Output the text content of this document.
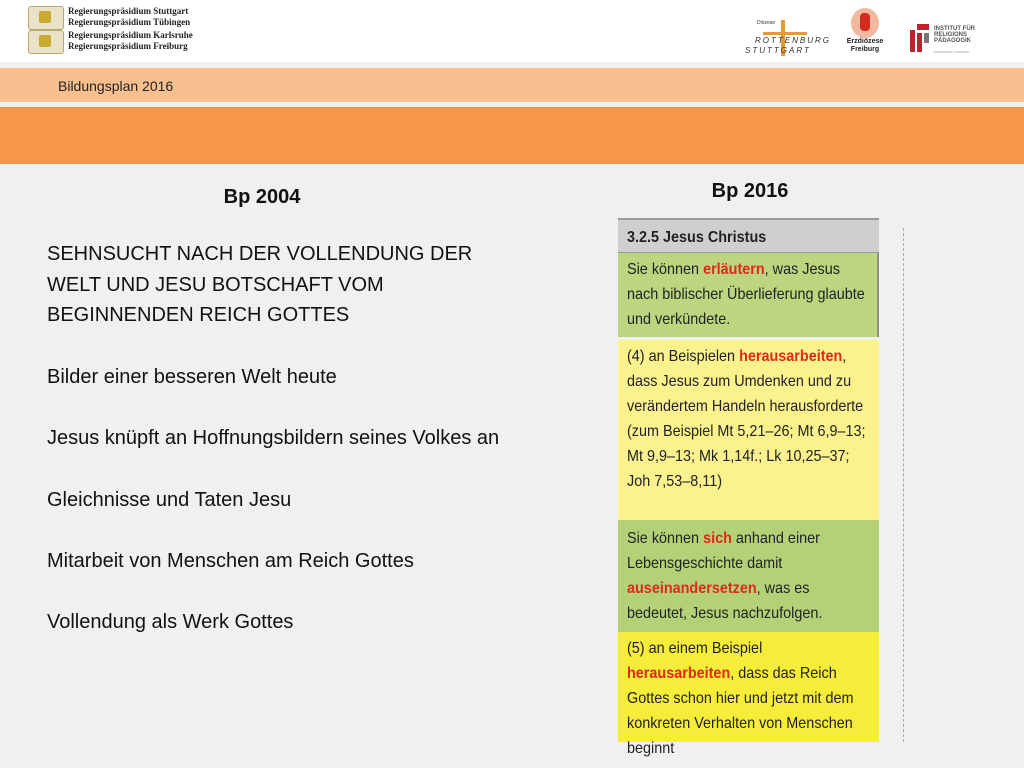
Regierungspräsidium Stuttgart
Regierungspräsidium Tübingen
Regierungspräsidium Karlsruhe
Regierungspräsidium Freiburg
Diözese
ROTTENBURG
STUTTGART
Erzdiözese
Freiburg
INSTITUT FÜR
RELIGIONS
PÄDAGOGIK
ERZDIÖZESE FREIBURG
Bildungsplan 2016
Bp 2004

SEHNSUCHT NACH DER VOLLENDUNG DER WELT UND JESU BOTSCHAFT VOM BEGINNENDEN REICH GOTTES

Bilder einer besseren Welt heute

Jesus knüpft an Hoffnungsbildern seines Volkes an

Gleichnisse und Taten Jesu

Mitarbeit von Menschen am Reich Gottes

Vollendung als Werk Gottes

Bp 2016
3.2.5 Jesus Christus
Sie können erläutern, was Jesus nach biblischer Überlieferung glaubte und verkündete.
(4) an Beispielen herausarbeiten, dass Jesus zum Umdenken und zu verändertem Handeln herausforderte (zum Beispiel Mt 5,21–26; Mt 6,9–13; Mt 9,9–13; Mk 1,14f.; Lk 10,25–37; Joh 7,53–8,11)
Sie können sich anhand einer Lebensgeschichte damit auseinandersetzen, was es bedeutet, Jesus nachzufolgen.
(5) an einem Beispiel herausarbeiten, dass das Reich Gottes schon hier und jetzt mit dem konkreten Verhalten von Menschen beginnt
